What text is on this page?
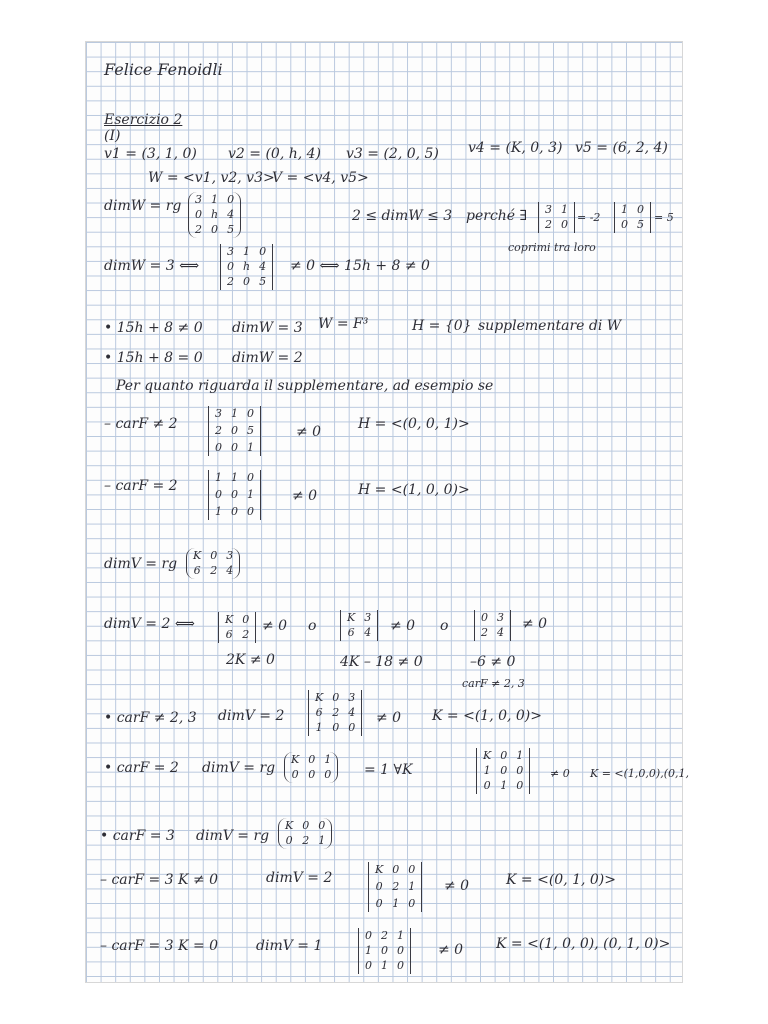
Felice Fenoidli
Esercizio 2
(I)
v1 = (3, 1, 0) v2 = (0, h, 4) v3 = (2, 0, 5) v4 = (K, 0, 3) v5 = (6, 2, 4)
W = <v1, v2, v3>
V = <v4, v5>
dimW = rg 3 1 0
0 h 4
2 0 5
2 ≤ dimW ≤ 3 perché ∃ 3 1
2 0
= -2
1 0
0 5
= 5
coprimi tra loro
dimW = 3 ⟺
3 1 0
0 h 4
2 0 5
≠ 0 ⟺ 15h + 8 ≠ 0
• 15h + 8 ≠ 0 dimW = 3 W = F³	H = {0} supplementare di W
• 15h + 8 = 0 dimW = 2
Per quanto riguarda il supplementare, ad esempio se
– carF ≠ 2
3 1 0
2 0 5
0 0 1
≠ 0	H = <(0, 0, 1)>
– carF = 2
1 1 0
0 0 1
1 0 0
≠ 0	H = <(1, 0, 0)>
dimV = rg
K 0 3
6 2 4
dimV = 2 ⟺	K 0
6 2
≠ 0
2K ≠ 0
o
K 3
6 4 ≠ 0
4K – 18 ≠ 0
o
0 3
2 4
≠ 0
–6 ≠ 0
carF ≠ 2, 3
• carF ≠ 2, 3 dimV = 2
K 0 3
6 2 4
1 0 0
≠ 0 K = <(1, 0, 0)>
• carF = 2 dimV = rg
K 0 1
0 0 0 = 1 ∀K
K 0 1
1 0 0
0 1 0
≠ 0 K = <(1,0,0),(0,1,
• carF = 3 dimV = rg
K 0 0
0 2 1
– carF = 3 K ≠ 0	dimV = 2
K 0 0
0 2 1
0 1 0
≠ 0	K = <(0, 1, 0)>
– carF = 3 K = 0	dimV = 1
0 2 1
1 0 0
0 1 0
≠ 0 K = <(1, 0, 0), (0, 1, 0)>
